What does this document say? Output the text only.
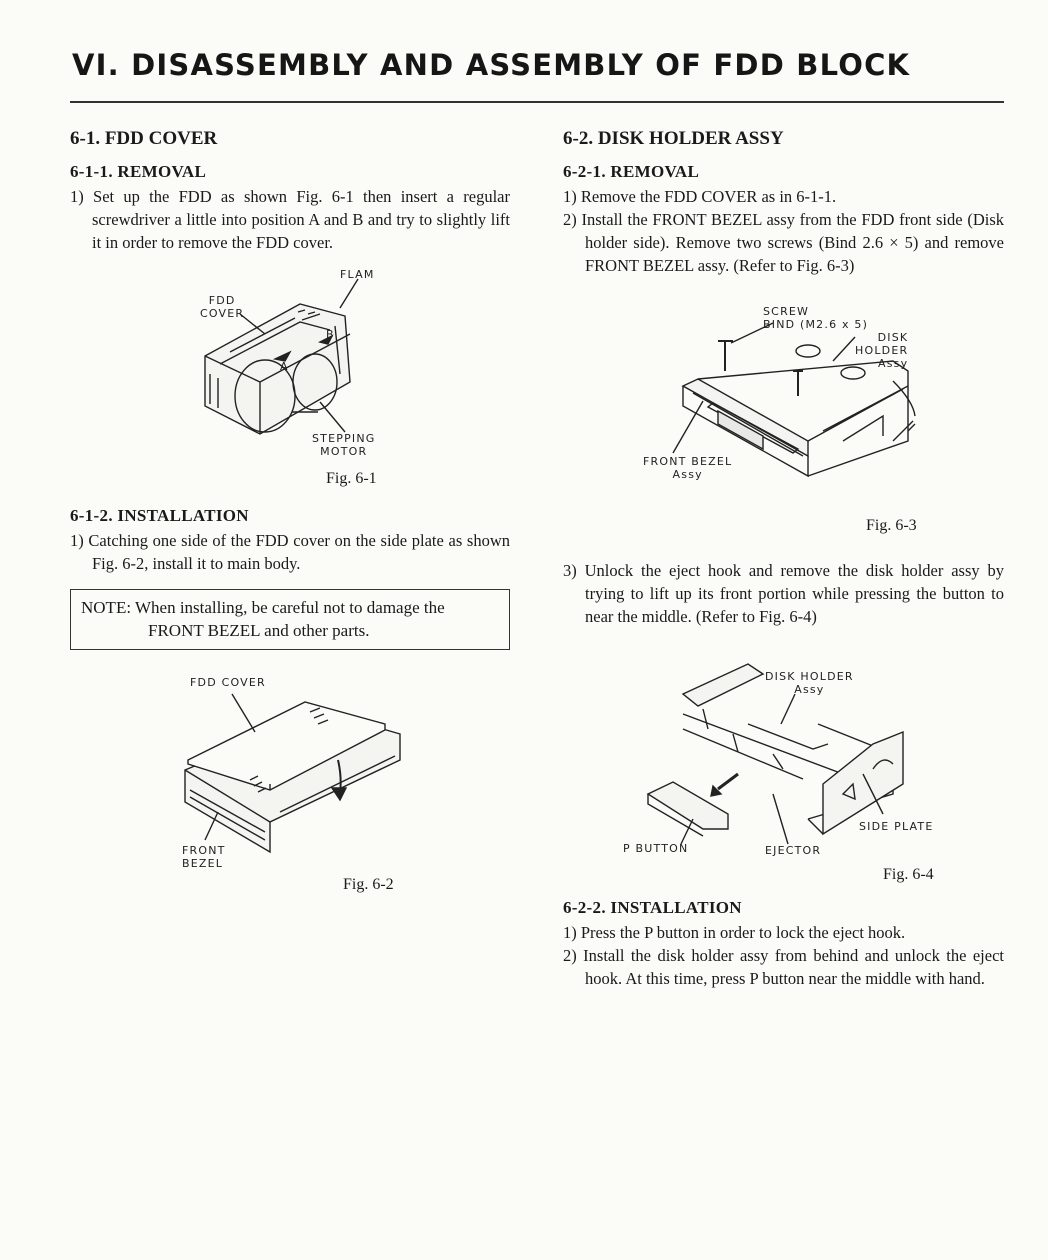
VI. DISASSEMBLY AND ASSEMBLY OF FDD BLOCK
6-1. FDD COVER
6-1-1. REMOVAL

1) Set up the FDD as shown Fig. 6-1 then insert a regular screwdriver a little into position A and B and try to slightly lift it in order to remove the FDD cover.

FLAM
FDD
COVER
A
B
STEPPING
MOTOR
Fig. 6-1
6-1-2. INSTALLATION

1) Catching one side of the FDD cover on the side plate as shown Fig. 6-2, install it to main body.

NOTE: When installing, be careful not to damage the
FRONT BEZEL and other parts.
FDD COVER
FRONT
BEZEL
Fig. 6-2
6-2. DISK HOLDER ASSY
6-2-1. REMOVAL

1) Remove the FDD COVER as in 6-1-1.

2) Install the FRONT BEZEL assy from the FDD front side (Disk holder side). Remove two screws (Bind 2.6 × 5) and remove FRONT BEZEL assy. (Refer to Fig. 6-3)

SCREW
BIND (M2.6 x 5)
DISK
HOLDER
Assy
FRONT BEZEL
Assy
Fig. 6-3

3) Unlock the eject hook and remove the disk holder assy by trying to lift up its front portion while pressing the button to near the middle. (Refer to Fig. 6-4)

DISK HOLDER
Assy
SIDE PLATE
P BUTTON	EJECTOR
Fig. 6-4
6-2-2. INSTALLATION

1) Press the P button in order to lock the eject hook.

2) Install the disk holder assy from behind and unlock the eject hook. At this time, press P button near the middle with hand.
